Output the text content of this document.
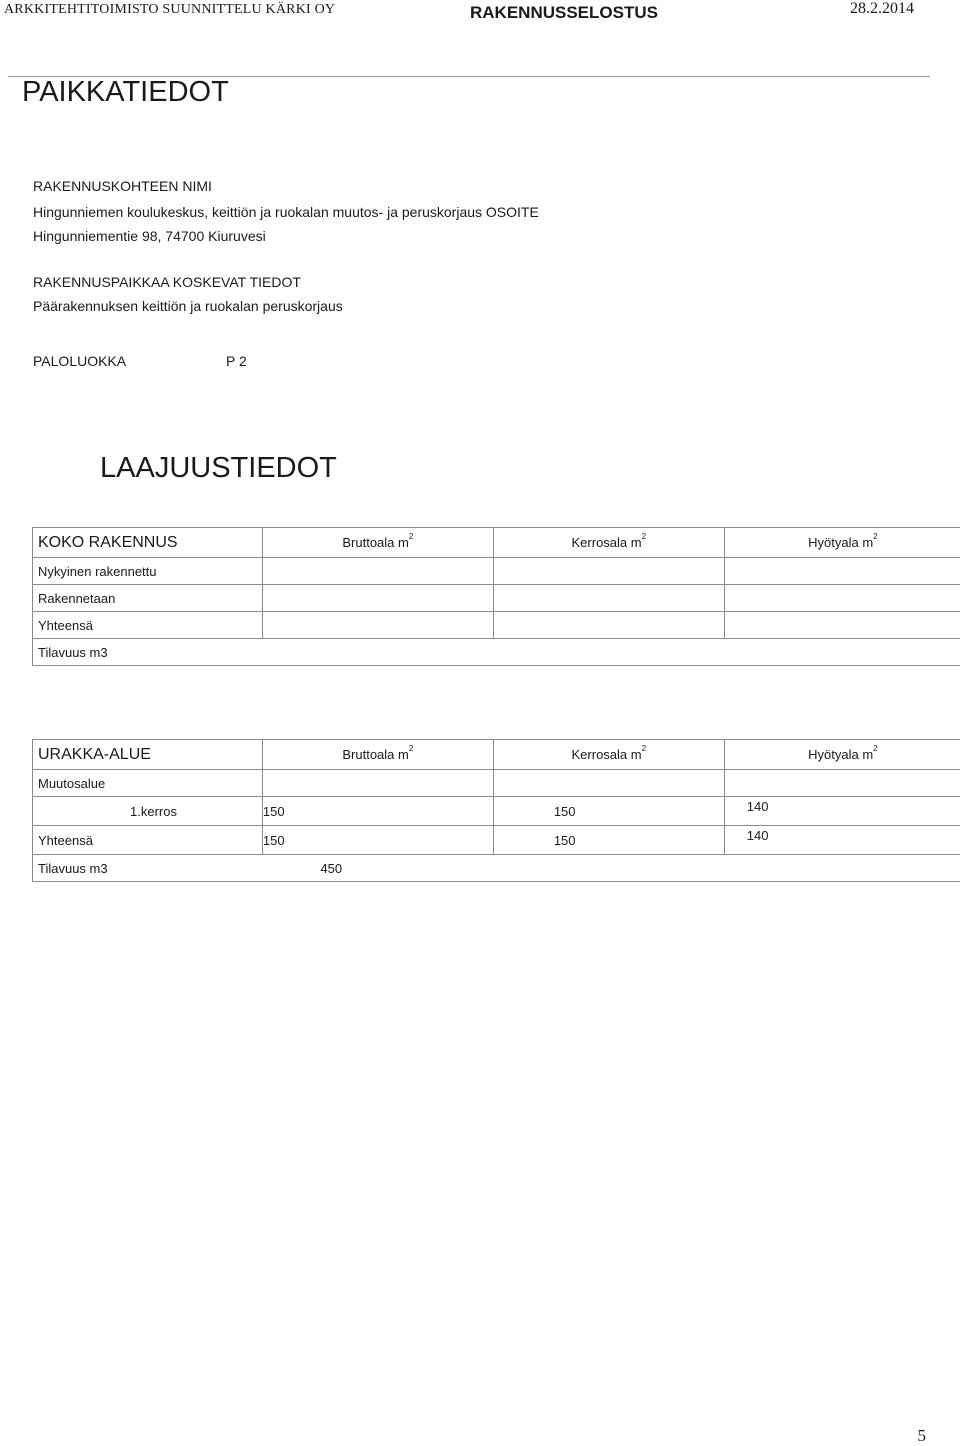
ARKKITEHTITOIMISTO SUUNNITTELU KÄRKI OY	RAKENNUSSELOSTUS	28.2.2014
PAIKKATIEDOT
RAKENNUSKOHTEEN NIMI
Hingunniemen koulukeskus, keittiön ja ruokalan muutos- ja peruskorjaus OSOITE
Hingunniementie 98, 74700 Kiuruvesi
RAKENNUSPAIKKAA KOSKEVAT TIEDOT
Päärakennuksen keittiön ja ruokalan peruskorjaus
PALOLUOKKA	P 2
LAAJUUSTIEDOT
KOKO RAKENNUS	Bruttoala $m^2$	Kerrosala $m^2$	Hyötyala $m^2$
Nykyinen rakennettu			
Rakennetaan			
Yhteensä			
Tilavuus m3			
URAKKA-ALUE	Bruttoala $m^2$	Kerrosala $m^2$	Hyötyala $m^2$
Muutosalue			
1.kerros	150	150	140
Yhteensä	150	150	140
Tilavuus m3	450		
5
